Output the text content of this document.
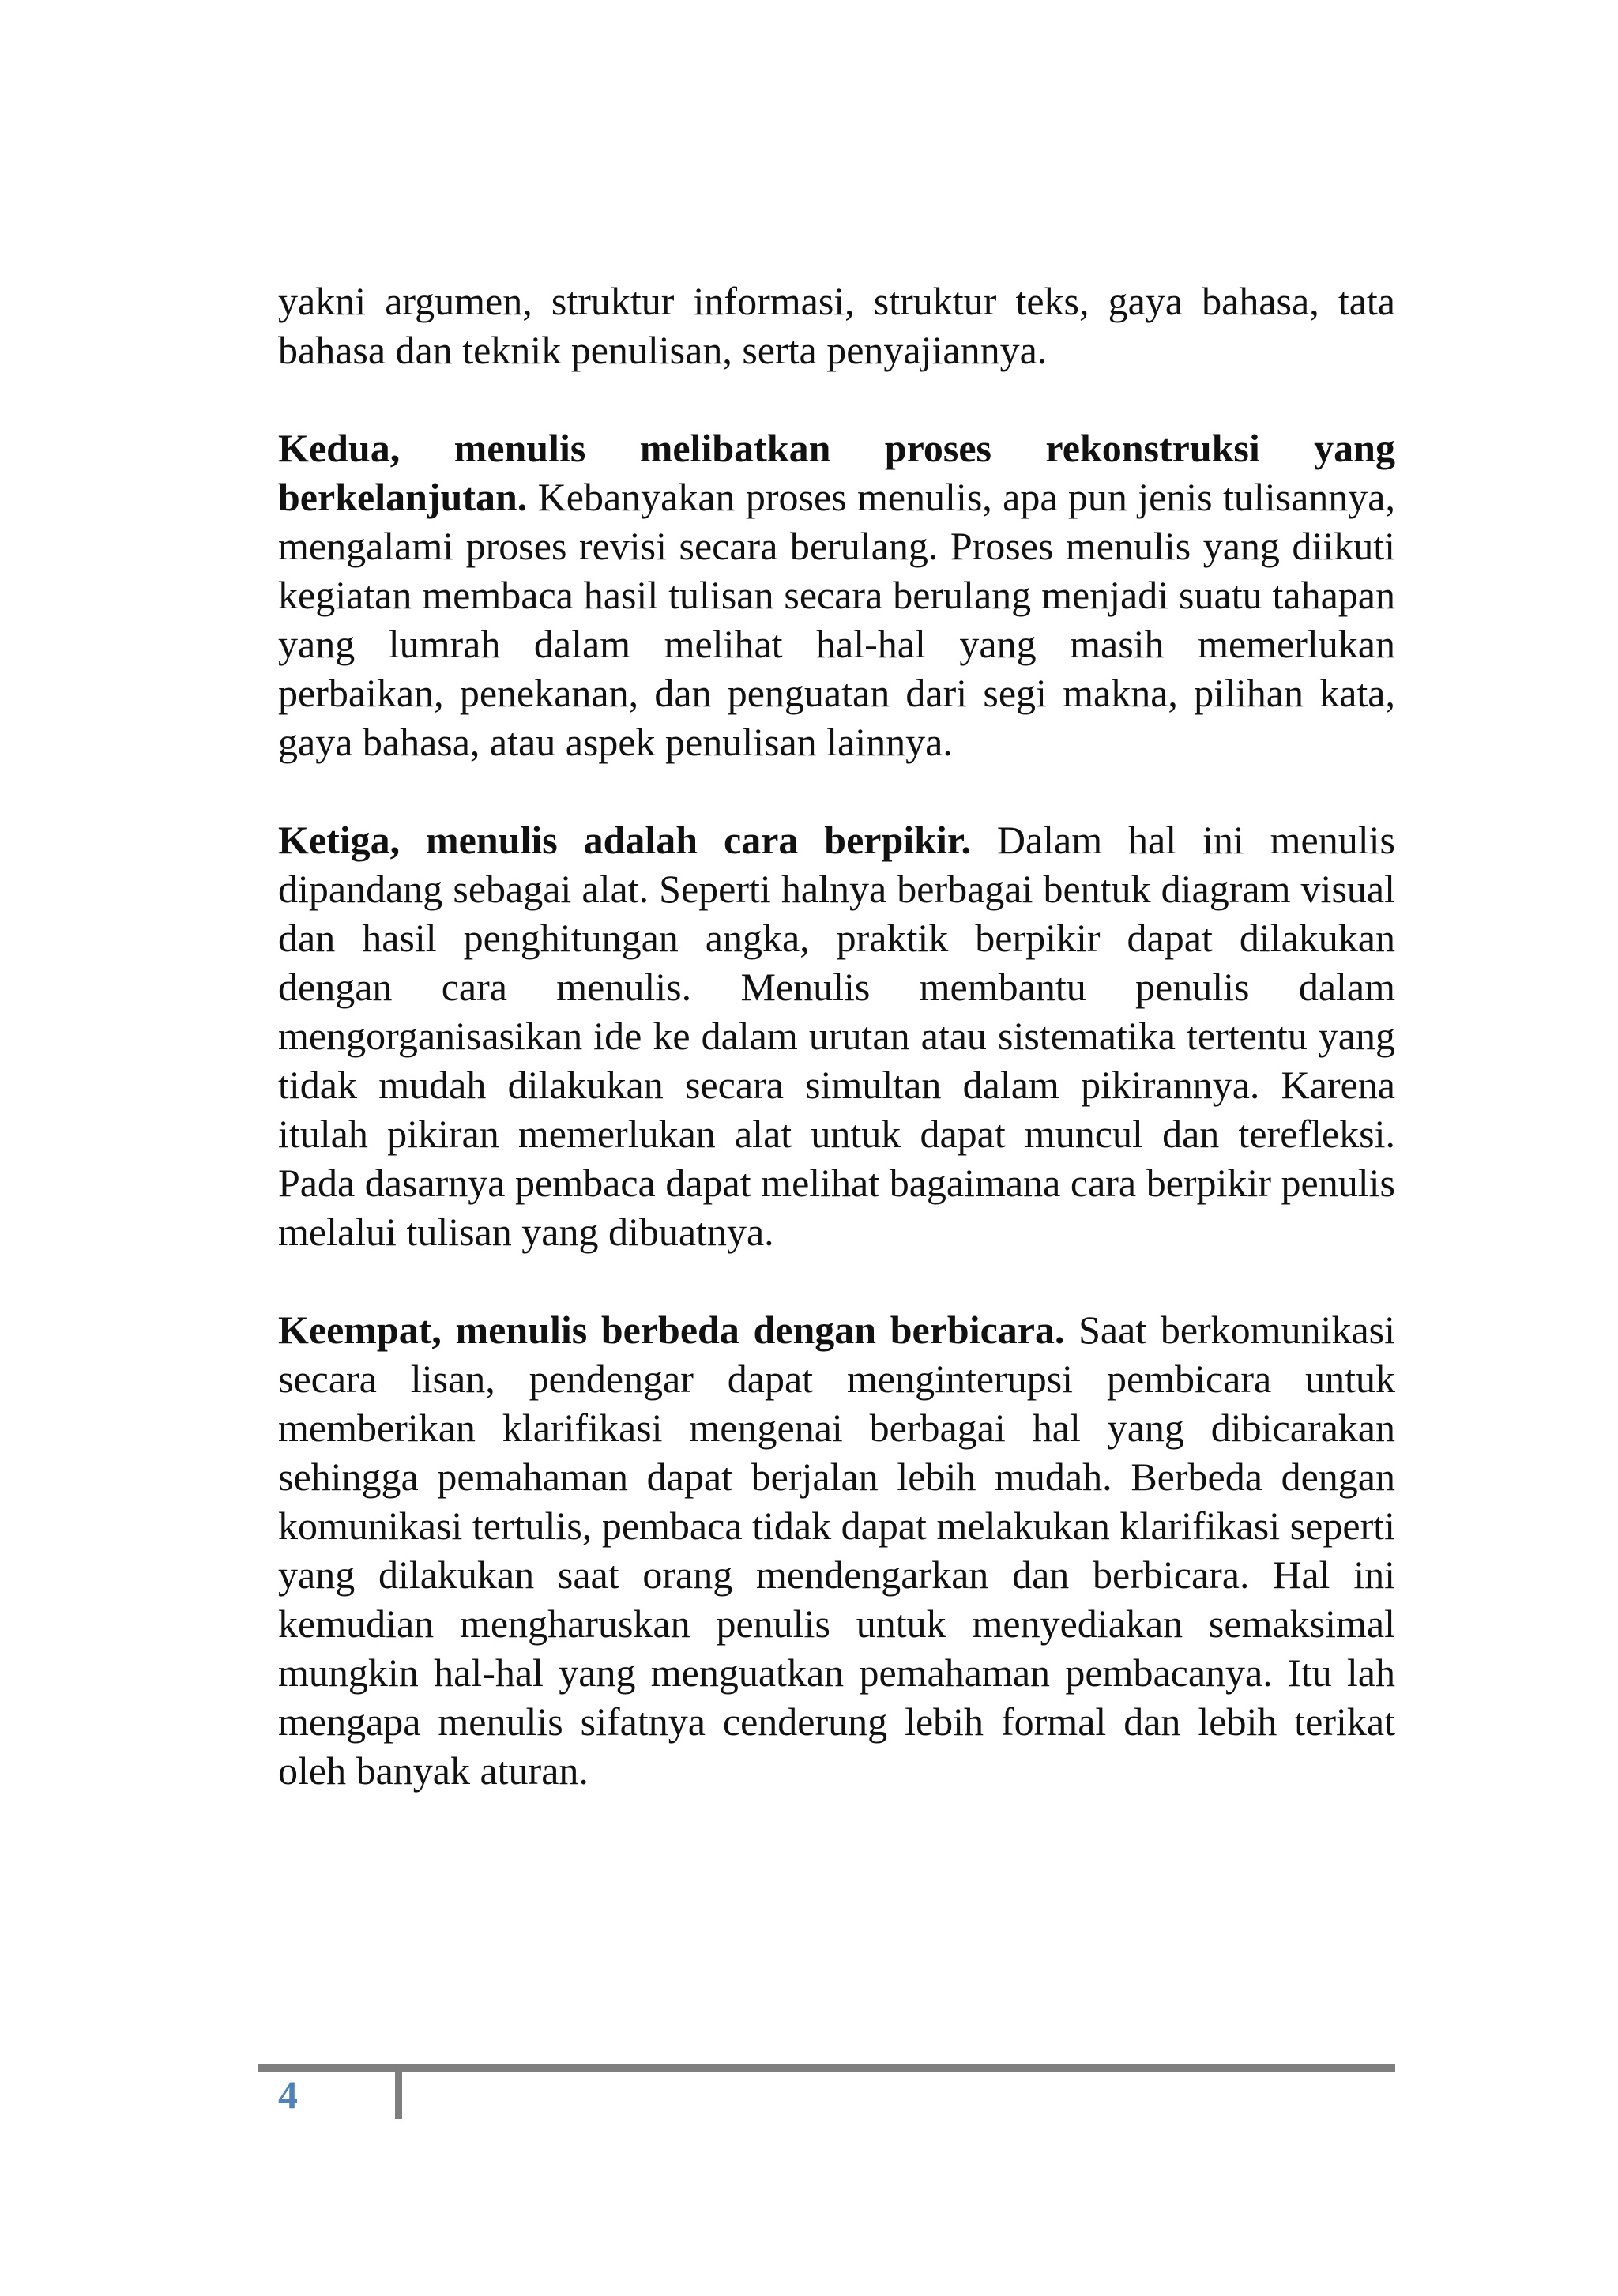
yakni argumen, struktur informasi, struktur teks, gaya bahasa, tata bahasa dan teknik penulisan, serta penyajiannya.

Kedua, menulis melibatkan proses rekonstruksi yang berkelanjutan. Kebanyakan proses menulis, apa pun jenis tulisannya, mengalami proses revisi secara berulang. Proses menulis yang diikuti kegiatan membaca hasil tulisan secara berulang menjadi suatu tahapan yang lumrah dalam melihat hal-hal yang masih memerlukan perbaikan, penekanan, dan penguatan dari segi makna, pilihan kata, gaya bahasa, atau aspek penulisan lainnya.

Ketiga, menulis adalah cara berpikir. Dalam hal ini menulis dipandang sebagai alat. Seperti halnya berbagai bentuk diagram visual dan hasil penghitungan angka, praktik berpikir dapat dilakukan dengan cara menulis. Menulis membantu penulis dalam mengorganisasikan ide ke dalam urutan atau sistematika tertentu yang tidak mudah dilakukan secara simultan dalam pikirannya. Karena itulah pikiran memerlukan alat untuk dapat muncul dan terefleksi. Pada dasarnya pembaca dapat melihat bagaimana cara berpikir penulis melalui tulisan yang dibuatnya.

Keempat, menulis berbeda dengan berbicara. Saat berkomunikasi secara lisan, pendengar dapat menginterupsi pembicara untuk memberikan klarifikasi mengenai berbagai hal yang dibicarakan sehingga pemahaman dapat berjalan lebih mudah. Berbeda dengan komunikasi tertulis, pembaca tidak dapat melakukan klarifikasi seperti yang dilakukan saat orang mendengarkan dan berbicara. Hal ini kemudian mengharuskan penulis untuk menyediakan semaksimal mungkin hal-hal yang menguatkan pemahaman pembacanya. Itu lah mengapa menulis sifatnya cenderung lebih formal dan lebih terikat oleh banyak aturan.

4
